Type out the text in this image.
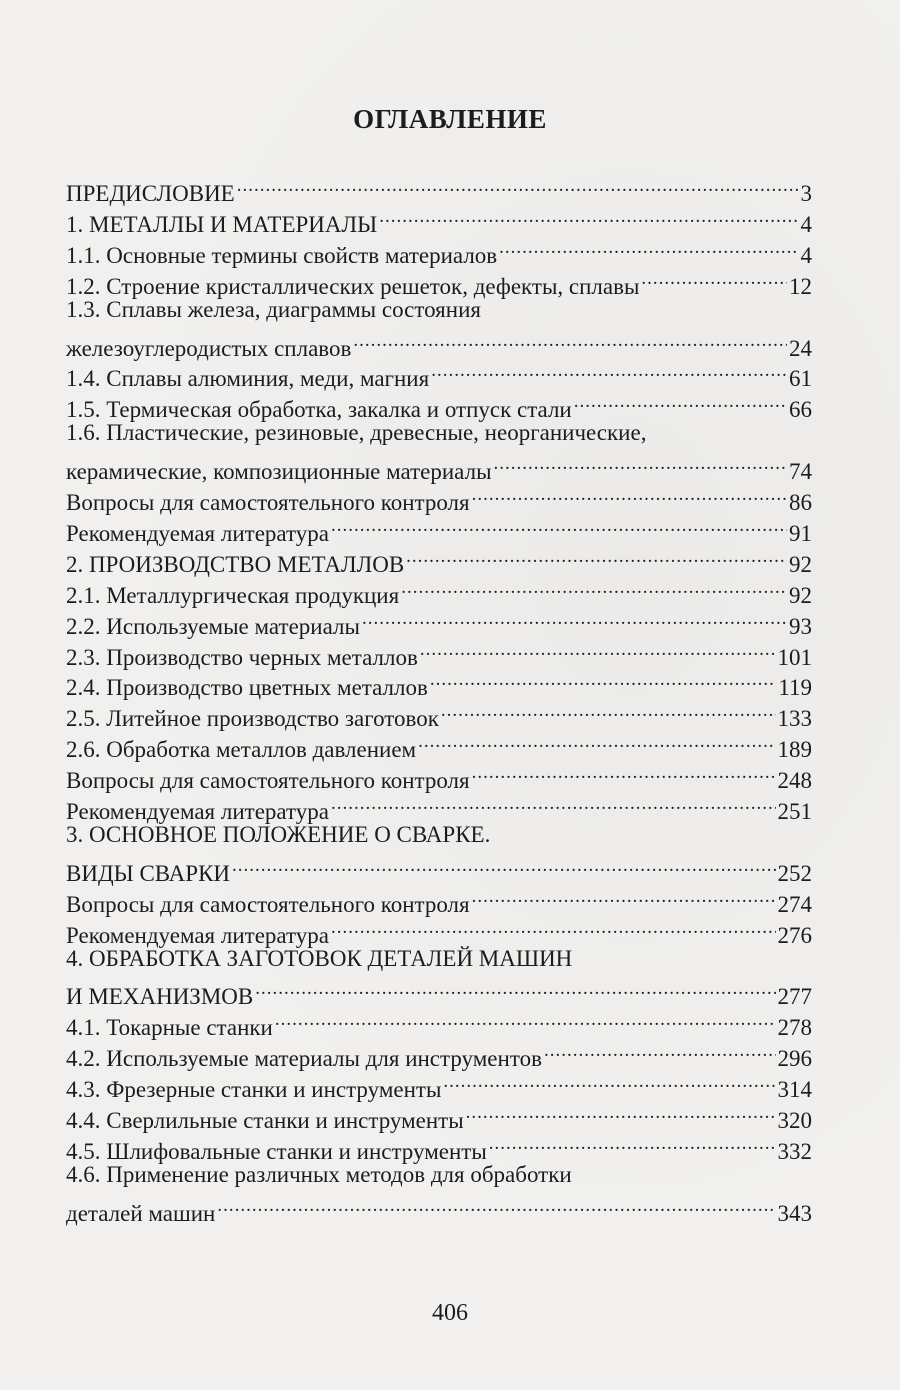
ОГЛАВЛЕНИЕ
ПРЕДИСЛОВИЕ .....	3
1. МЕТАЛЛЫ И МАТЕРИАЛЫ .....	4
1.1. Основные термины свойств материалов .....	4
1.2. Строение кристаллических решеток, дефекты, сплавы .....	12
1.3. Сплавы железа, диаграммы состояния
железоуглеродистых сплавов .....	24
1.4. Сплавы алюминия, меди, магния .....	61
1.5. Термическая обработка, закалка и отпуск стали .....	66
1.6. Пластические, резиновые, древесные, неорганические,
керамические, композиционные материалы .....	74
Вопросы для самостоятельного контроля .....	86
Рекомендуемая литература .....	91
2. ПРОИЗВОДСТВО МЕТАЛЛОВ .....	92
2.1. Металлургическая продукция .....	92
2.2. Используемые материалы .....	93
2.3. Производство черных металлов .....	101
2.4. Производство цветных металлов .....	119
2.5. Литейное производство заготовок .....	133
2.6. Обработка металлов давлением .....	189
Вопросы для самостоятельного контроля .....	248
Рекомендуемая литература .....	251
3. ОСНОВНОЕ ПОЛОЖЕНИЕ О СВАРКЕ.
ВИДЫ СВАРКИ .....	252
Вопросы для самостоятельного контроля .....	274
Рекомендуемая литература .....	276
4. ОБРАБОТКА ЗАГОТОВОК ДЕТАЛЕЙ МАШИН
И МЕХАНИЗМОВ .....	277
4.1. Токарные станки .....	278
4.2. Используемые материалы для инструментов .....	296
4.3. Фрезерные станки и инструменты .....	314
4.4. Сверлильные станки и инструменты .....	320
4.5. Шлифовальные станки и инструменты .....	332
4.6. Применение различных методов для обработки
деталей машин .....	343
406
